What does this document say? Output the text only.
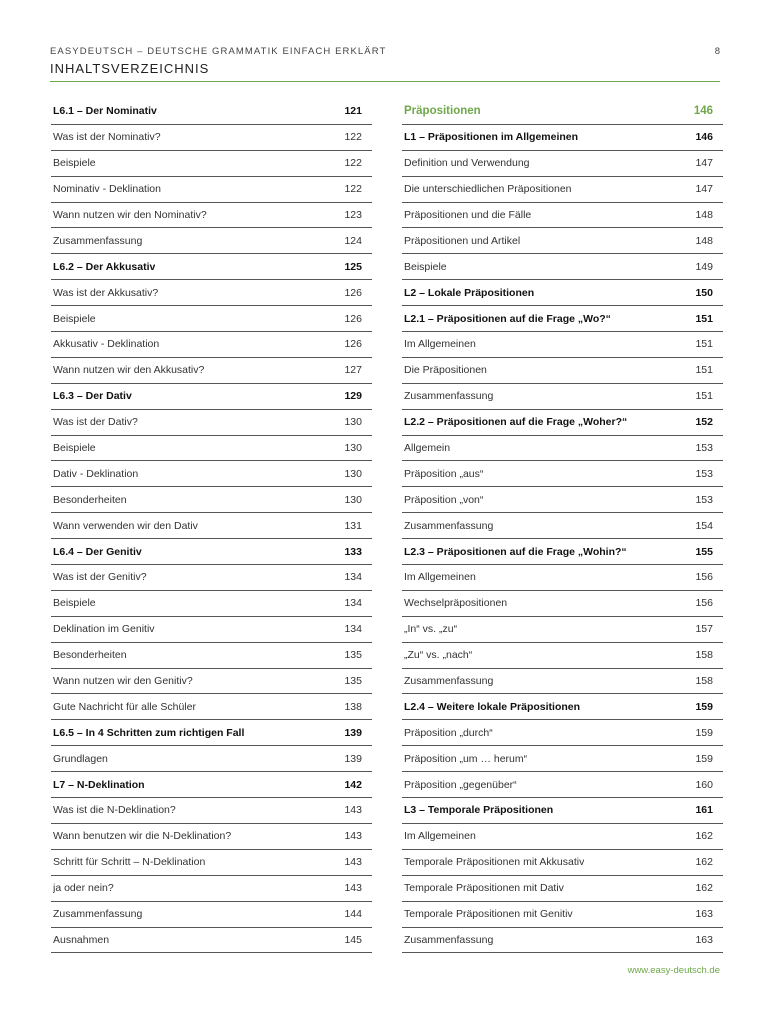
EASYDEUTSCH – DEUTSCHE GRAMMATIK EINFACH ERKLÄRT
INHALTSVERZEICHNIS
8
L6.1 – Der Nominativ	121
Was ist der Nominativ?	122
Beispiele	122
Nominativ - Deklination	122
Wann nutzen wir den Nominativ?	123
Zusammenfassung	124
L6.2 – Der Akkusativ	125
Was ist der Akkusativ?	126
Beispiele	126
Akkusativ - Deklination	126
Wann nutzen wir den Akkusativ?	127
L6.3 – Der Dativ	129
Was ist der Dativ?	130
Beispiele	130
Dativ - Deklination	130
Besonderheiten	130
Wann verwenden wir den Dativ	131
L6.4 – Der Genitiv	133
Was ist der Genitiv?	134
Beispiele	134
Deklination im Genitiv	134
Besonderheiten	135
Wann nutzen wir den Genitiv?	135
Gute Nachricht für alle Schüler	138
L6.5 – In 4 Schritten zum richtigen Fall	139
Grundlagen	139
L7 – N-Deklination	142
Was ist die N-Deklination?	143
Wann benutzen wir die N-Deklination?	143
Schritt für Schritt – N-Deklination	143
ja oder nein?	143
Zusammenfassung	144
Ausnahmen	145
Präpositionen	146
L1 – Präpositionen im Allgemeinen	146
Definition und Verwendung	147
Die unterschiedlichen Präpositionen	147
Präpositionen und die Fälle	148
Präpositionen und Artikel	148
Beispiele	149
L2 – Lokale Präpositionen	150
L2.1 – Präpositionen auf die Frage „Wo?“	151
Im Allgemeinen	151
Die Präpositionen	151
Zusammenfassung	151
L2.2 – Präpositionen auf die Frage „Woher?“	152
Allgemein	153
Präposition „aus“	153
Präposition „von“	153
Zusammenfassung	154
L2.3 – Präpositionen auf die Frage „Wohin?“	155
Im Allgemeinen	156
Wechselpräpositionen	156
„In“ vs. „zu“	157
„Zu“ vs. „nach“	158
Zusammenfassung	158
L2.4 – Weitere lokale Präpositionen	159
Präposition „durch“	159
Präposition „um … herum“	159
Präposition „gegenüber“	160
L3 – Temporale Präpositionen	161
Im Allgemeinen	162
Temporale Präpositionen mit Akkusativ	162
Temporale Präpositionen mit Dativ	162
Temporale Präpositionen mit Genitiv	163
Zusammenfassung	163
www.easy-deutsch.de
